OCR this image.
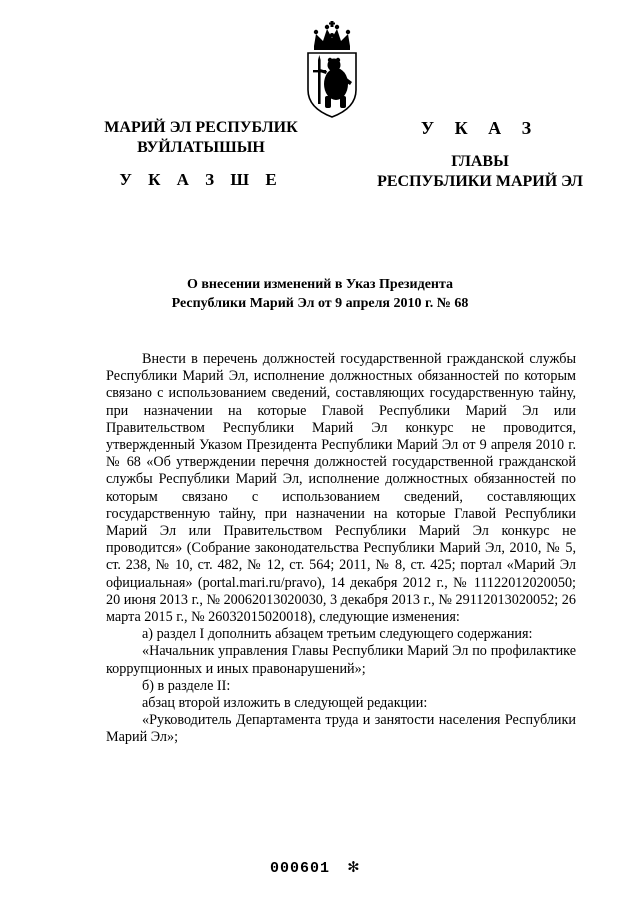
МАРИЙ ЭЛ РЕСПУБЛИК
ВУЙЛАТЫШЫН
У К А З Ш Е
У К А З
ГЛАВЫ
РЕСПУБЛИКИ МАРИЙ ЭЛ
О внесении изменений в Указ Президента
Республики Марий Эл от 9 апреля 2010 г. № 68

Внести в перечень должностей государственной гражданской службы Республики Марий Эл, исполнение должностных обязанностей по которым связано с использованием сведений, составляющих государственную тайну, при назначении на которые Главой Республики Марий Эл или Правительством Республики Марий Эл конкурс не проводится, утвержденный Указом Президента Республики Марий Эл от 9 апреля 2010 г. № 68 «Об утверждении перечня должностей государственной гражданской службы Республики Марий Эл, исполнение должностных обязанностей по которым связано с использованием сведений, составляющих государственную тайну, при назначении на которые Главой Республики Марий Эл или Правительством Республики Марий Эл конкурс не проводится» (Собрание законодательства Республики Марий Эл, 2010, № 5, ст. 238, № 10, ст. 482, № 12, ст. 564; 2011, № 8, ст. 425; портал «Марий Эл официальная» (portal.mari.ru/pravo), 14 декабря 2012 г., № 11122012020050; 20 июня 2013 г., № 20062013020030, 3 декабря 2013 г., № 29112013020052; 26 марта 2015 г., № 26032015020018), следующие изменения:

а) раздел I дополнить абзацем третьим следующего содержания:

«Начальник управления Главы Республики Марий Эл по профилактике коррупционных и иных правонарушений»;

б) в разделе II:

абзац второй изложить в следующей редакции:

«Руководитель Департамента труда и занятости населения Республики Марий Эл»;

000601 ✻
